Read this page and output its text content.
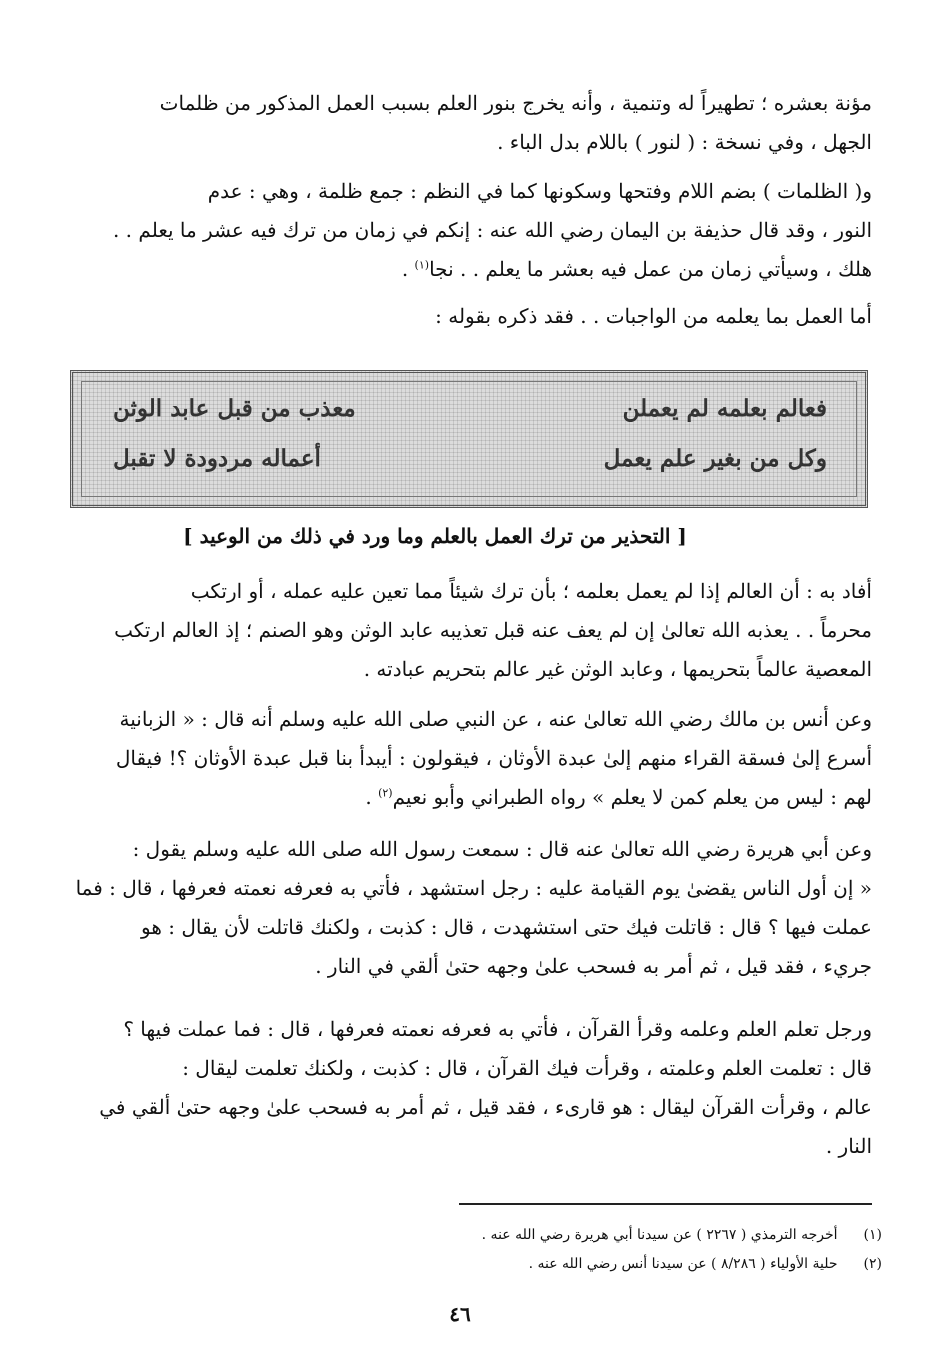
مؤنة بعشره ؛ تطهيراً له وتنمية ، وأنه يخرج بنور العلم بسبب العمل المذكور من ظلمات
الجهل ، وفي نسخة : ( لنور ) باللام بدل الباء .
و( الظلمات ) بضم اللام وفتحها وسكونها كما في النظم : جمع ظلمة ، وهي : عدم
النور ، وقد قال حذيفة بن اليمان رضي الله عنه : إنكم في زمان من ترك فيه عشر ما يعلم . .
هلك ، وسيأتي زمان من عمل فيه بعشر ما يعلم . . نجا$^{(١)}$ .
أما العمل بما يعلمه من الواجبات . . فقد ذكره بقوله :
فعالم بعلمه لم يعملن
معذب من قبل عابد الوثن
وكل من بغير علم يعمل
أعماله مردودة لا تقبل
[ التحذير من ترك العمل بالعلم وما ورد في ذلك من الوعيد ]
أفاد به : أن العالم إذا لم يعمل بعلمه ؛ بأن ترك شيئاً مما تعين عليه عمله ، أو ارتكب
محرماً . . يعذبه الله تعالىٰ إن لم يعف عنه قبل تعذيبه عابد الوثن وهو الصنم ؛ إذ العالم ارتكب
المعصية عالماً بتحريمها ، وعابد الوثن غير عالم بتحريم عبادته .
وعن أنس بن مالك رضي الله تعالىٰ عنه ، عن النبي صلى الله عليه وسلم أنه قال : « الزبانية
أسرع إلىٰ فسقة القراء منهم إلىٰ عبدة الأوثان ، فيقولون : أيبدأ بنا قبل عبدة الأوثان ؟! فيقال
لهم : ليس من يعلم كمن لا يعلم » رواه الطبراني وأبو نعيم$^{(٢)}$ .
وعن أبي هريرة رضي الله تعالىٰ عنه قال : سمعت رسول الله صلى الله عليه وسلم يقول :
« إن أول الناس يقضىٰ يوم القيامة عليه : رجل استشهد ، فأتي به فعرفه نعمته فعرفها ، قال : فما
عملت فيها ؟ قال : قاتلت فيك حتى استشهدت ، قال : كذبت ، ولكنك قاتلت لأن يقال : هو
جريء ، فقد قيل ، ثم أمر به فسحب علىٰ وجهه حتىٰ ألقي في النار .
ورجل تعلم العلم وعلمه وقرأ القرآن ، فأتي به فعرفه نعمته فعرفها ، قال : فما عملت فيها ؟
قال : تعلمت العلم وعلمته ، وقرأت فيك القرآن ، قال : كذبت ، ولكنك تعلمت ليقال :
عالم ، وقرأت القرآن ليقال : هو قارىء ، فقد قيل ، ثم أمر به فسحب علىٰ وجهه حتىٰ ألقي في
النار .
(١) أخرجه الترمذي ( ٢٢٦٧ ) عن سيدنا أبي هريرة رضي الله عنه .
(٢) حلية الأولياء ( ٨/٢٨٦ ) عن سيدنا أنس رضي الله عنه .
٤٦
